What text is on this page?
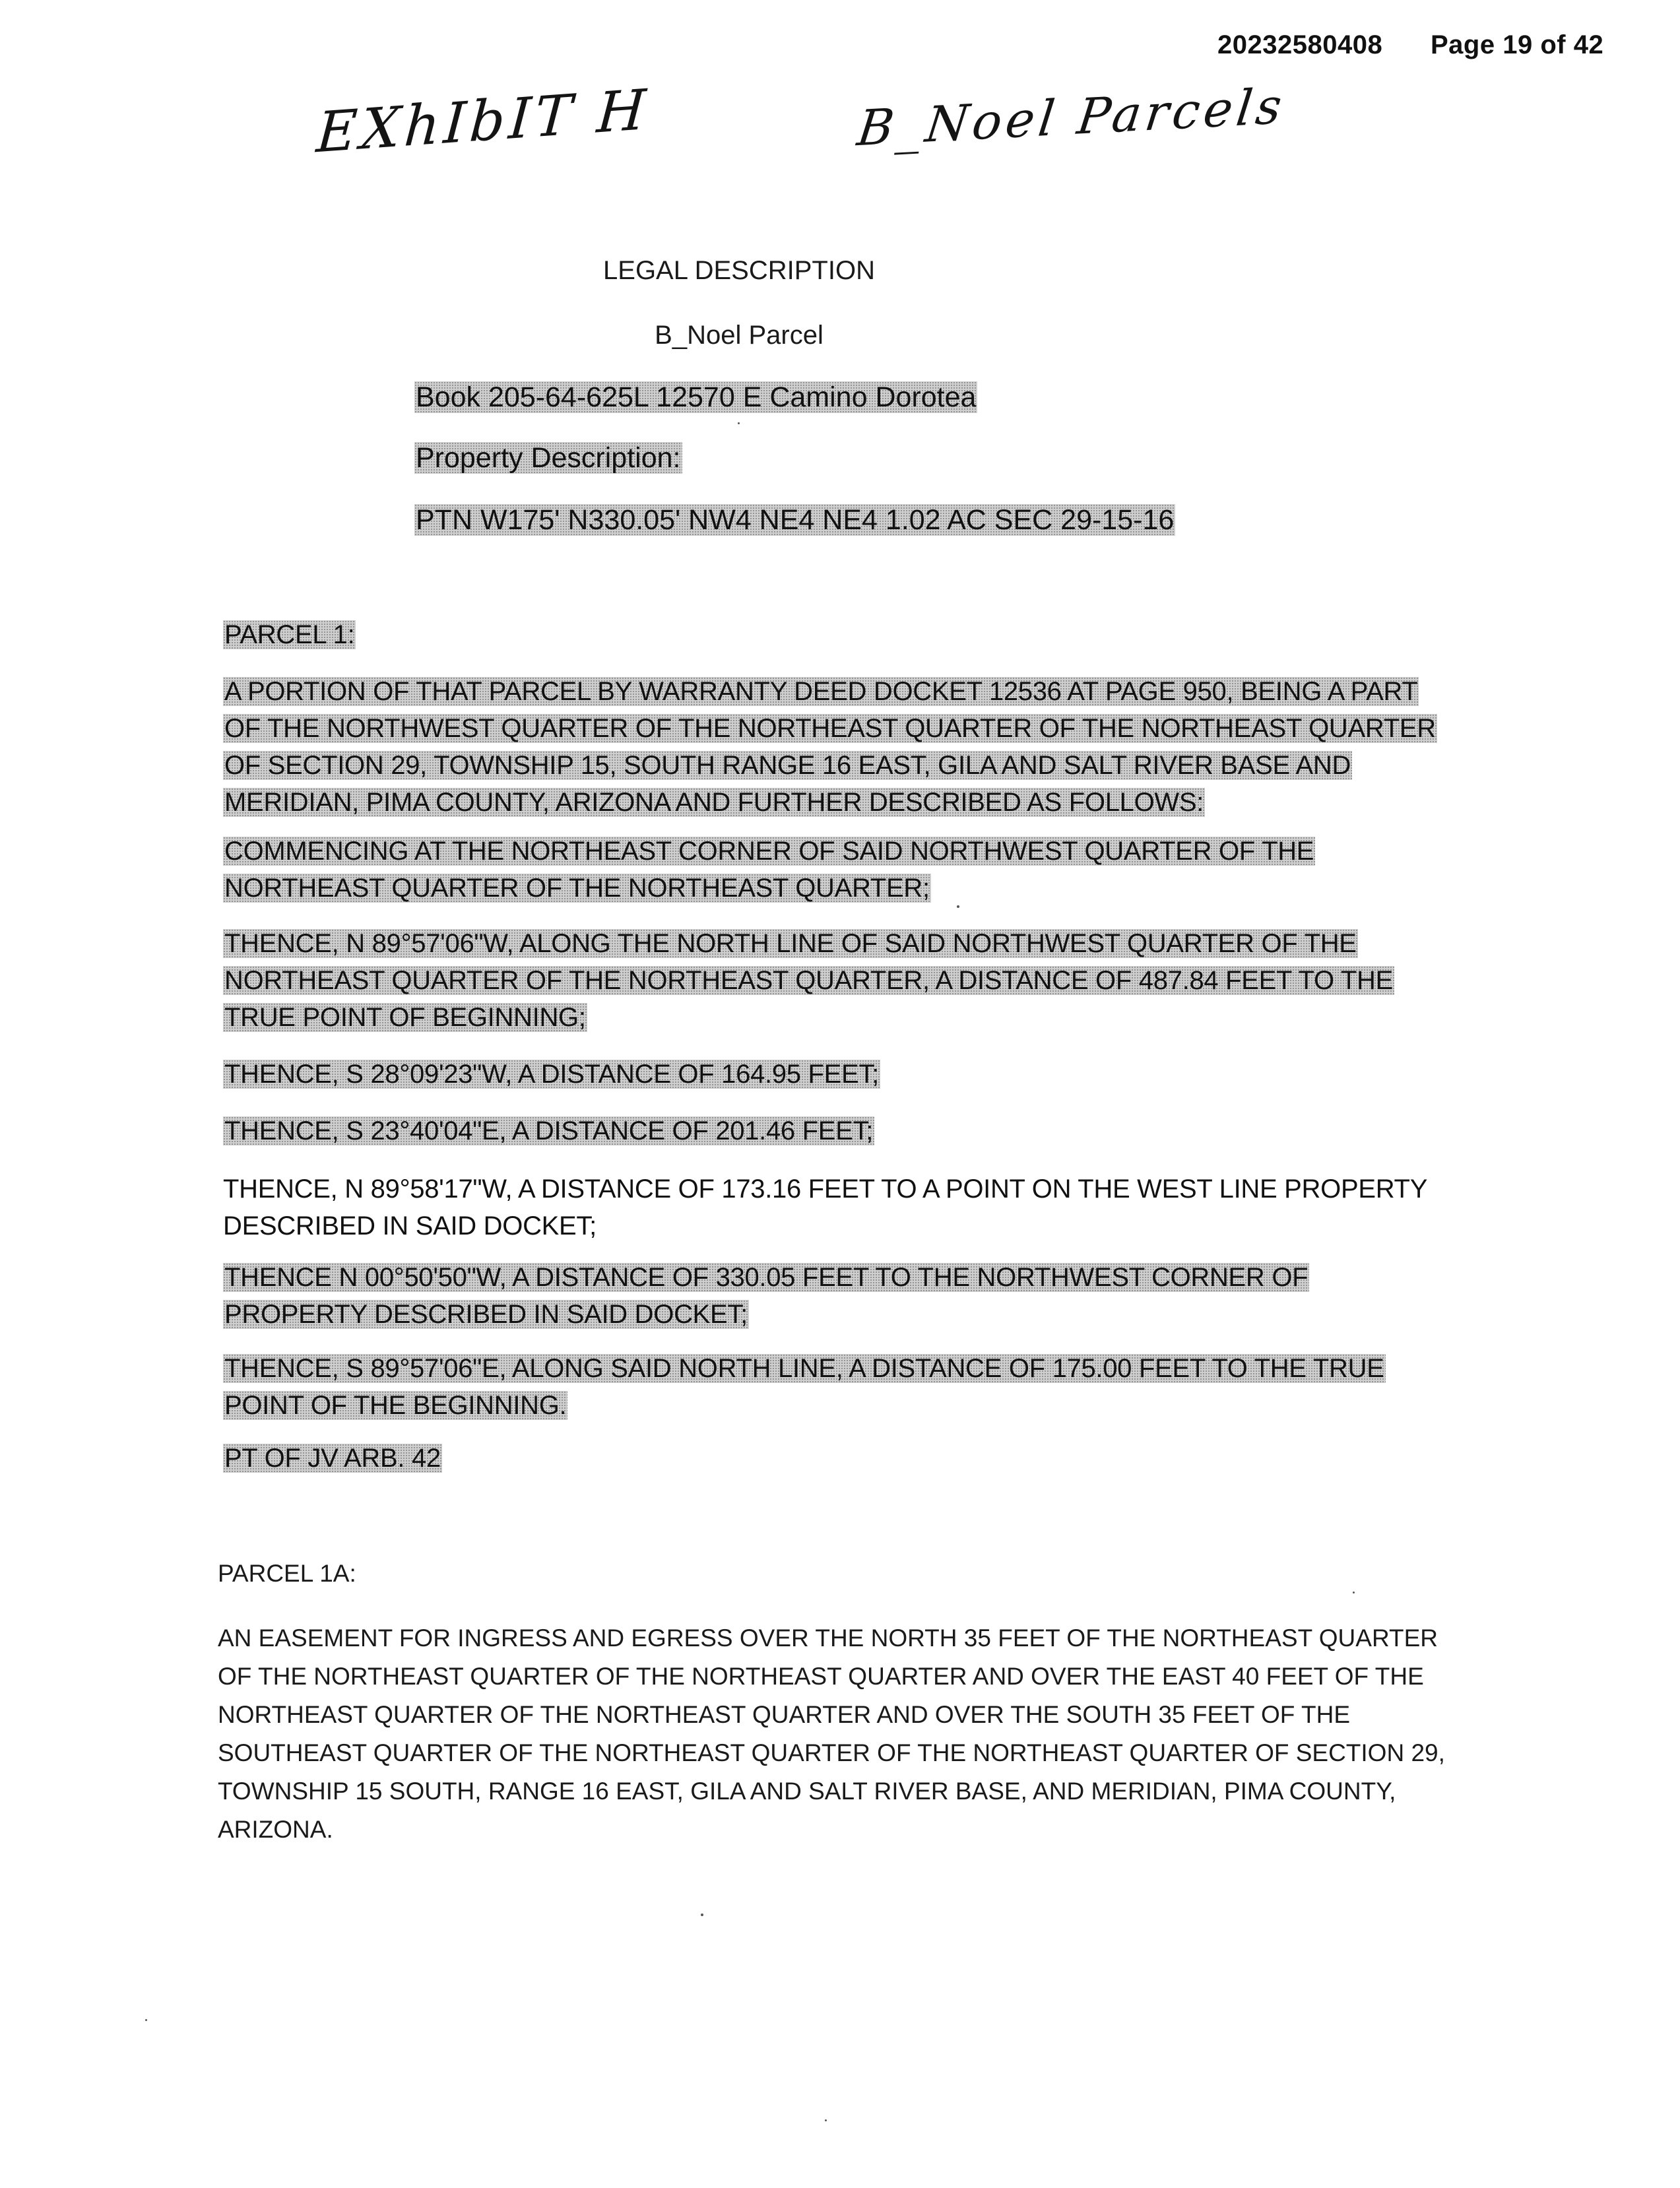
20232580408 Page 19 of 42
EXhIbIT H	B_Noel Parcels
LEGAL DESCRIPTION
B_Noel Parcel
Book 205-64-625L 12570 E Camino Dorotea
Property Description:
PTN W175' N330.05' NW4 NE4 NE4 1.02 AC SEC 29-15-16
PARCEL 1:
A PORTION OF THAT PARCEL BY WARRANTY DEED DOCKET 12536 AT PAGE 950, BEING A PART OF THE NORTHWEST QUARTER OF THE NORTHEAST QUARTER OF THE NORTHEAST QUARTER OF SECTION 29, TOWNSHIP 15, SOUTH RANGE 16 EAST, GILA AND SALT RIVER BASE AND MERIDIAN, PIMA COUNTY, ARIZONA AND FURTHER DESCRIBED AS FOLLOWS:
COMMENCING AT THE NORTHEAST CORNER OF SAID NORTHWEST QUARTER OF THE NORTHEAST QUARTER OF THE NORTHEAST QUARTER;
THENCE, N 89°57'06"W, ALONG THE NORTH LINE OF SAID NORTHWEST QUARTER OF THE NORTHEAST QUARTER OF THE NORTHEAST QUARTER, A DISTANCE OF 487.84 FEET TO THE TRUE POINT OF BEGINNING;
THENCE, S 28°09'23"W, A DISTANCE OF 164.95 FEET;
THENCE, S 23°40'04"E, A DISTANCE OF 201.46 FEET;
THENCE, N 89°58'17"W, A DISTANCE OF 173.16 FEET TO A POINT ON THE WEST LINE PROPERTY DESCRIBED IN SAID DOCKET;
THENCE N 00°50'50"W, A DISTANCE OF 330.05 FEET TO THE NORTHWEST CORNER OF PROPERTY DESCRIBED IN SAID DOCKET;
THENCE, S 89°57'06"E, ALONG SAID NORTH LINE, A DISTANCE OF 175.00 FEET TO THE TRUE POINT OF THE BEGINNING.
PT OF JV ARB. 42
PARCEL 1A:
AN EASEMENT FOR INGRESS AND EGRESS OVER THE NORTH 35 FEET OF THE NORTHEAST QUARTER OF THE NORTHEAST QUARTER OF THE NORTHEAST QUARTER AND OVER THE EAST 40 FEET OF THE NORTHEAST QUARTER OF THE NORTHEAST QUARTER AND OVER THE SOUTH 35 FEET OF THE SOUTHEAST QUARTER OF THE NORTHEAST QUARTER OF THE NORTHEAST QUARTER OF SECTION 29, TOWNSHIP 15 SOUTH, RANGE 16 EAST, GILA AND SALT RIVER BASE, AND MERIDIAN, PIMA COUNTY, ARIZONA.
